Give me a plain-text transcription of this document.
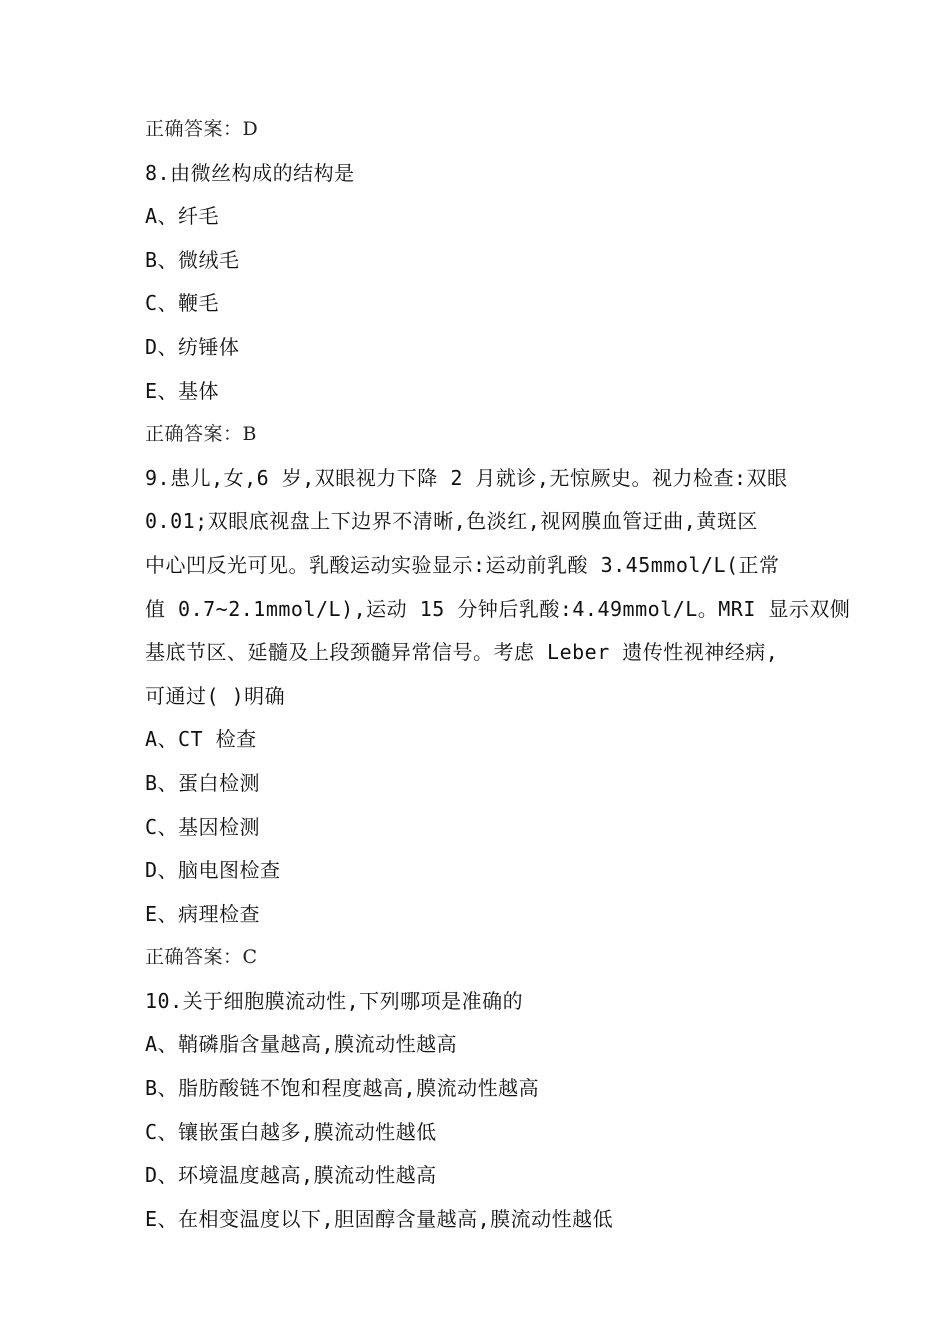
正确答案：D
8.由微丝构成的结构是
A、纤毛
B、微绒毛
C、鞭毛
D、纺锤体
E、基体
正确答案：B
9.患儿,女,6 岁,双眼视力下降 2 月就诊,无惊厥史。视力检查:双眼
0.01;双眼底视盘上下边界不清晰,色淡红,视网膜血管迂曲,黄斑区
中心凹反光可见。乳酸运动实验显示:运动前乳酸 3.45mmol/L(正常
值 0.7~2.1mmol/L),运动 15 分钟后乳酸:4.49mmol/L。MRI 显示双侧
基底节区、延髓及上段颈髓异常信号。考虑 Leber 遗传性视神经病,
可通过( )明确
A、CT 检查
B、蛋白检测
C、基因检测
D、脑电图检查
E、病理检查
正确答案：C
10.关于细胞膜流动性,下列哪项是准确的
A、鞘磷脂含量越高,膜流动性越高
B、脂肪酸链不饱和程度越高,膜流动性越高
C、镶嵌蛋白越多,膜流动性越低
D、环境温度越高,膜流动性越高
E、在相变温度以下,胆固醇含量越高,膜流动性越低
